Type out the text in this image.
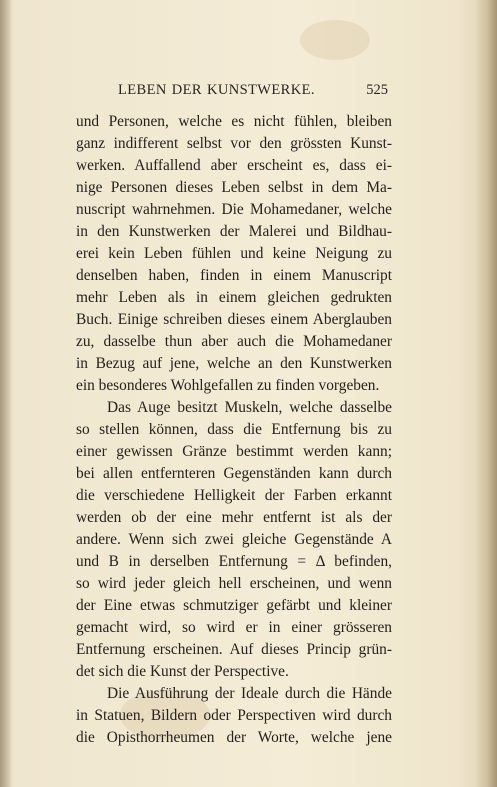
LEBEN DER KUNSTWERKE.	525
und Personen, welche es nicht fühlen, bleiben
ganz indifferent selbst vor den grössten Kunst-
werken. Auffallend aber erscheint es, dass ei-
nige Personen dieses Leben selbst in dem Ma-
nuscript wahrnehmen. Die Mohamedaner, welche
in den Kunstwerken der Malerei und Bildhau-
erei kein Leben fühlen und keine Neigung zu
denselben haben, finden in einem Manuscript
mehr Leben als in einem gleichen gedrukten
Buch. Einige schreiben dieses einem Aberglauben
zu, dasselbe thun aber auch die Mohamedaner
in Bezug auf jene, welche an den Kunstwerken
ein besonderes Wohlgefallen zu finden vorgeben.
Das Auge besitzt Muskeln, welche dasselbe
so stellen können, dass die Entfernung bis zu
einer gewissen Gränze bestimmt werden kann;
bei allen entfernteren Gegenständen kann durch
die verschiedene Helligkeit der Farben erkannt
werden ob der eine mehr entfernt ist als der
andere. Wenn sich zwei gleiche Gegenstände A
und B in derselben Entfernung = Δ befinden,
so wird jeder gleich hell erscheinen, und wenn
der Eine etwas schmutziger gefärbt und kleiner
gemacht wird, so wird er in einer grösseren
Entfernung erscheinen. Auf dieses Princip grün-
det sich die Kunst der Perspective.
Die Ausführung der Ideale durch die Hände
in Statuen, Bildern oder Perspectiven wird durch
die Opisthorrheumen der Worte, welche jene
